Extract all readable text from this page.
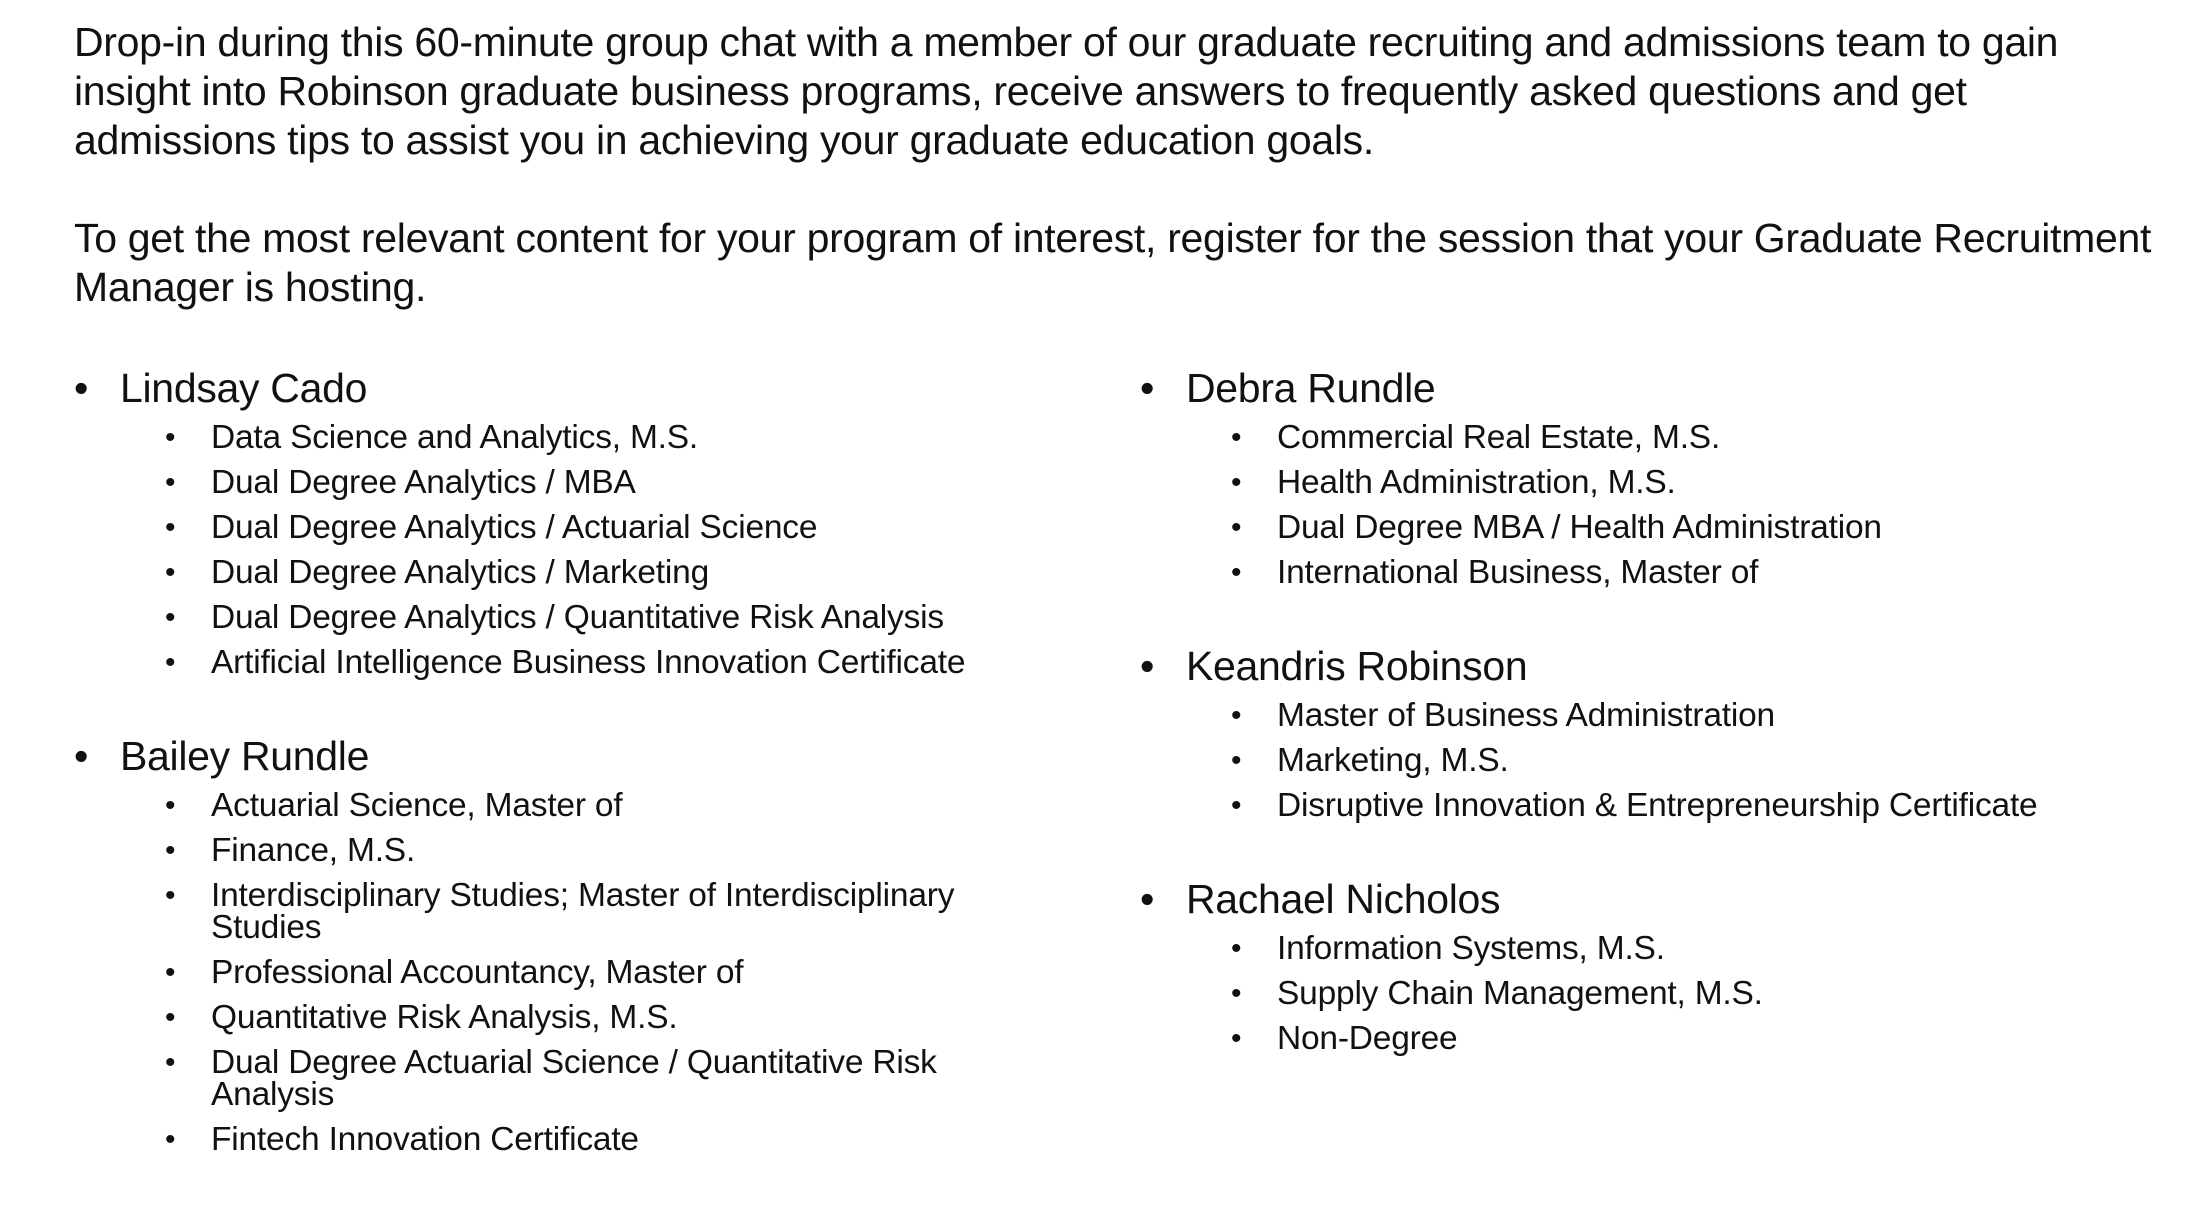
Drop-in during this 60-minute group chat with a member of our graduate recruiting and admissions team to gain insight into Robinson graduate business programs, receive answers to frequently asked questions and get admissions tips to assist you in achieving your graduate education goals.

To get the most relevant content for your program of interest, register for the session that your Graduate Recruitment Manager is hosting.

• Lindsay Cado
• Data Science and Analytics, M.S.
• Dual Degree Analytics / MBA
• Dual Degree Analytics / Actuarial Science
• Dual Degree Analytics / Marketing
• Dual Degree Analytics / Quantitative Risk Analysis
• Artificial Intelligence Business Innovation Certificate
• Bailey Rundle
• Actuarial Science, Master of
• Finance, M.S.
• Interdisciplinary Studies; Master of Interdisciplinary Studies
• Professional Accountancy, Master of
• Quantitative Risk Analysis, M.S.
• Dual Degree Actuarial Science / Quantitative Risk Analysis
• Fintech Innovation Certificate
• Debra Rundle
• Commercial Real Estate, M.S.
• Health Administration, M.S.
• Dual Degree MBA / Health Administration
• International Business, Master of
• Keandris Robinson
• Master of Business Administration
• Marketing, M.S.
• Disruptive Innovation & Entrepreneurship Certificate
• Rachael Nicholos
• Information Systems, M.S.
• Supply Chain Management, M.S.
• Non-Degree
